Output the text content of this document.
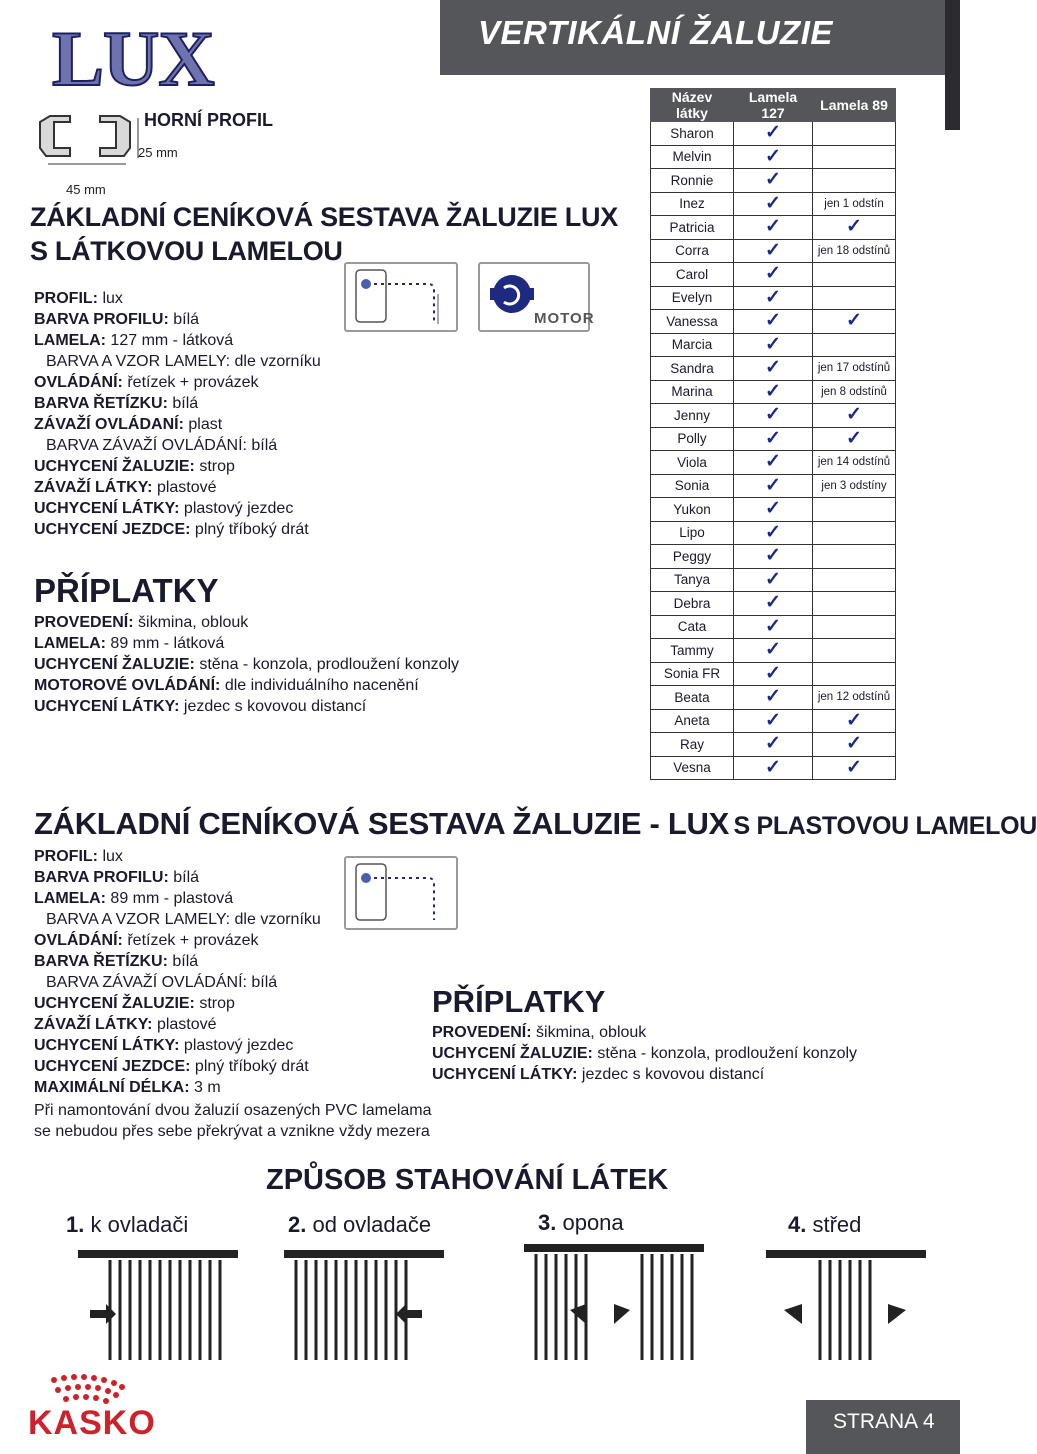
VERTIKÁLNÍ ŽALUZIE
LUX
HORNÍ PROFIL
25 mm
45 mm
ZÁKLADNÍ CENÍKOVÁ SESTAVA ŽALUZIE LUX
S LÁTKOVOU LAMELOU
PROFIL: lux
BARVA PROFILU: bílá
LAMELA: 127 mm - látková
BARVA A VZOR LAMELY: dle vzorníku
OVLÁDÁNÍ: řetízek + provázek
BARVA ŘETÍZKU: bílá
ZÁVAŽÍ OVLÁDANÍ: plast
BARVA ZÁVAŽÍ OVLÁDÁNÍ: bílá
UCHYCENÍ ŽALUZIE: strop
ZÁVAŽÍ LÁTKY: plastové
UCHYCENÍ LÁTKY: plastový jezdec
UCHYCENÍ JEZDCE: plný tříboký drát
MOTOR
PŘÍPLATKY
PROVEDENÍ: šikmina, oblouk
LAMELA: 89 mm - látková
UCHYCENÍ ŽALUZIE: stěna - konzola, prodloužení konzoly
MOTOROVÉ OVLÁDÁNÍ: dle individuálního nacenění
UCHYCENÍ LÁTKY: jezdec s kovovou distancí
Název látky	Lamela 127	Lamela 89
Sharon	✓	
Melvin	✓	
Ronnie	✓	
Inez	✓	jen 1 odstín
Patricia	✓	✓
Corra	✓	jen 18 odstínů
Carol	✓	
Evelyn	✓	
Vanessa	✓	✓
Marcia	✓	
Sandra	✓	jen 17 odstínů
Marina	✓	jen 8 odstínů
Jenny	✓	✓
Polly	✓	✓
Viola	✓	jen 14 odstínů
Sonia	✓	jen 3 odstíny
Yukon	✓	
Lipo	✓	
Peggy	✓	
Tanya	✓	
Debra	✓	
Cata	✓	
Tammy	✓	
Sonia FR	✓	
Beata	✓	jen 12 odstínů
Aneta	✓	✓
Ray	✓	✓
Vesna	✓	✓
ZÁKLADNÍ CENÍKOVÁ SESTAVA ŽALUZIE - LUX S PLASTOVOU LAMELOU
PROFIL: lux
BARVA PROFILU: bílá
LAMELA: 89 mm - plastová
BARVA A VZOR LAMELY: dle vzorníku
OVLÁDÁNÍ: řetízek + provázek
BARVA ŘETÍZKU: bílá
BARVA ZÁVAŽÍ OVLÁDÁNÍ: bílá
UCHYCENÍ ŽALUZIE: strop
ZÁVAŽÍ LÁTKY: plastové
UCHYCENÍ LÁTKY: plastový jezdec
UCHYCENÍ JEZDCE: plný tříboký drát
MAXIMÁLNÍ DÉLKA: 3 m
Při namontování dvou žaluzií osazených PVC lamelama
se nebudou přes sebe překrývat a vznikne vždy mezera
PŘÍPLATKY
PROVEDENÍ: šikmina, oblouk
UCHYCENÍ ŽALUZIE: stěna - konzola, prodloužení konzoly
UCHYCENÍ LÁTKY: jezdec s kovovou distancí
ZPŮSOB STAHOVÁNÍ LÁTEK
1. k ovladači	2. od ovladače	3. opona	4. střed
KASKO	STRANA 4
